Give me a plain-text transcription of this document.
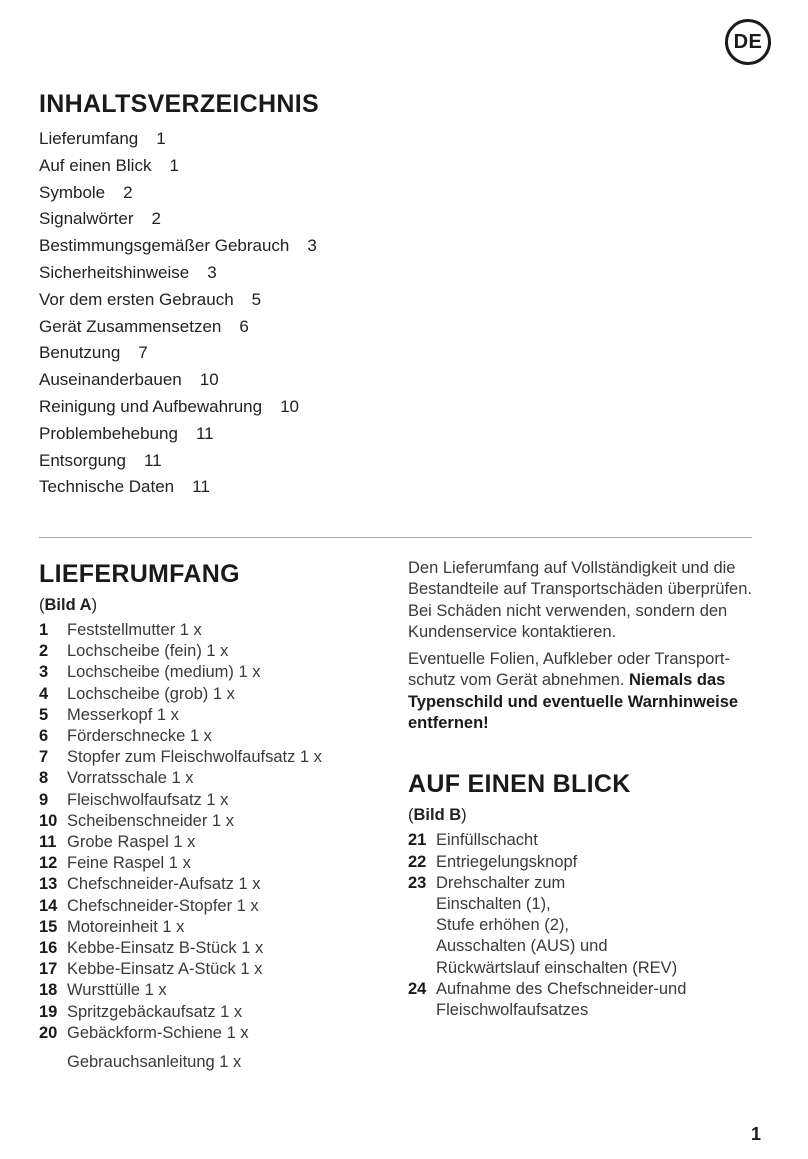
DE
INHALTSVERZEICHNIS
Lieferumfang 1
Auf einen Blick 1
Symbole 2
Signalwörter 2
Bestimmungsgemäßer Gebrauch 3
Sicherheitshinweise 3
Vor dem ersten Gebrauch 5
Gerät Zusammensetzen 6
Benutzung 7
Auseinanderbauen 10
Reinigung und Aufbewahrung 10
Problembehebung 11
Entsorgung 11
Technische Daten 11
LIEFERUMFANG
(Bild A)
1	Feststellmutter 1 x
2	Lochscheibe (fein) 1 x
3	Lochscheibe (medium) 1 x
4	Lochscheibe (grob) 1 x
5	Messerkopf 1 x
6	Förderschnecke 1 x
7	Stopfer zum Fleischwolfaufsatz 1 x
8	Vorratsschale 1 x
9	Fleischwolfaufsatz 1 x
10 Scheibenschneider 1 x
11 Grobe Raspel 1 x
12 Feine Raspel 1 x
13 Chefschneider-Aufsatz 1 x
14 Chefschneider-Stopfer 1 x
15 Motoreinheit 1 x
16 Kebbe-Einsatz B-Stück 1 x
17 Kebbe-Einsatz A-Stück 1 x
18 Wursttülle 1 x
19 Spritzgebäckaufsatz 1 x
20 Gebäckform-Schiene 1 x
Gebrauchsanleitung 1 x

Den Lieferumfang auf Vollständigkeit und die Bestandteile auf Transportschäden überprüfen. Bei Schäden nicht verwenden, sondern den Kundenservice kontaktieren.

Eventuelle Folien, Aufkleber oder Transportschutz vom Gerät abnehmen. Niemals das Typenschild und eventuelle Warnhinweise entfernen!

AUF EINEN BLICK
(Bild B)
21 Einfüllschacht
22 Entriegelungsknopf
23 Drehschalter zum
Einschalten (1),
Stufe erhöhen (2),
Ausschalten (AUS) und
Rückwärtslauf einschalten (REV)
24 Aufnahme des Chefschneider-und
Fleischwolfaufsatzes
1
